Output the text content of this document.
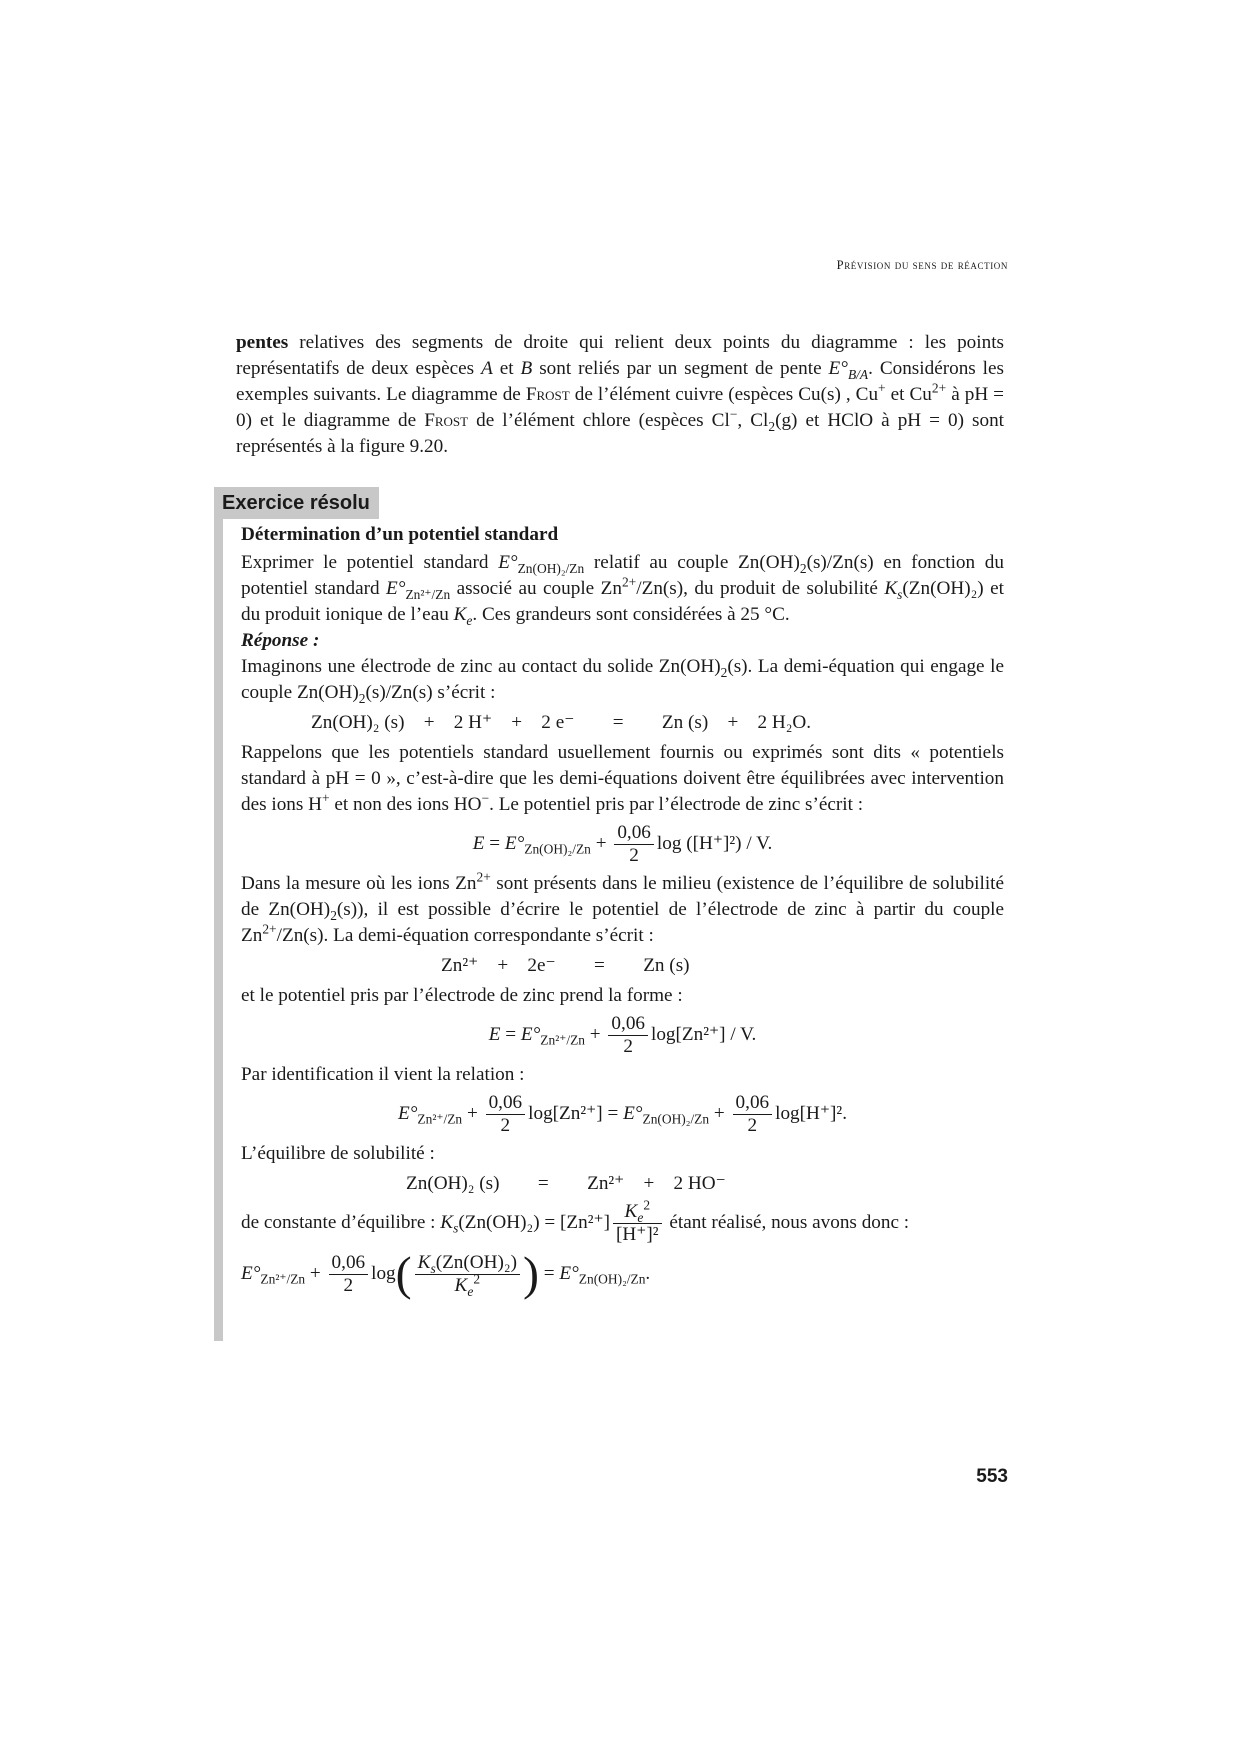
Prévision du sens de réaction

pentes relatives des segments de droite qui relient deux points du diagramme : les points représentatifs de deux espèces A et B sont reliés par un segment de pente $E^\circ_{B/A}$. Considérons les exemples suivants. Le diagramme de Frost de l’élément cuivre (espèces Cu(s) , Cu+ et $Cu^{2+}$ à pH = 0) et le diagramme de Frost de l’élément chlore (espèces Cl−, $Cl_2(g)$ et HClO à pH = 0) sont représentés à la figure 9.20.

Exercice résolu

Détermination d’un potentiel standard

Exprimer le potentiel standard $E^\circ_{Zn(OH)_2/Zn}$ relatif au couple $Zn(OH)_2(s)/Zn(s)$ en fonction du potentiel standard $E^\circ_{Zn^{2+}/Zn}$ associé au couple $Zn^{2+}/Zn(s)$, du produit de solubilité $K_s(Zn(OH)_2)$ et du produit ionique de l’eau $K_e$. Ces grandeurs sont considérées à 25 °C.

Réponse :

Imaginons une électrode de zinc au contact du solide $Zn(OH)_2(s)$. La demi-équation qui engage le couple $Zn(OH)_2(s)/Zn(s)$ s’écrit :

Zn(OH)₂ (s)    +    2 H⁺    +    2 e⁻        =        Zn (s)    +    2 H₂O.

Rappelons que les potentiels standard usuellement fournis ou exprimés sont dits « potentiels standard à pH = 0 », c’est-à-dire que les demi-équations doivent être équilibrées avec intervention des ions H+ et non des ions HO−. Le potentiel pris par l’électrode de zinc s’écrit :

$E = E^\circ_{Zn(OH)_2/Zn} + \frac{0,06}{2}$ log ([H⁺]²) / V.

Dans la mesure où les ions $Zn^{2+}$ sont présents dans le milieu (existence de l’équilibre de solubilité de $Zn(OH)_2(s)$), il est possible d’écrire le potentiel de l’électrode de zinc à partir du couple $Zn^{2+}/Zn(s)$. La demi-équation correspondante s’écrit :

Zn²⁺    +    2e⁻        =        Zn (s)

et le potentiel pris par l’électrode de zinc prend la forme :

$E = E^\circ_{Zn^{2+}/Zn} + \frac{0,06}{2} \log[Zn^{2+}] / V$.

Par identification il vient la relation :

$E^\circ_{Zn^{2+}/Zn} + \frac{0,06}{2} \log[Zn^{2+}] = E^\circ_{Zn(OH)_2/Zn} + \frac{0,06}{2} \log[H^+]^2$.

L’équilibre de solubilité :

Zn(OH)₂ (s)        =        Zn²⁺    +    2 HO⁻

de constante d’équilibre : $K_s(Zn(OH)_2) = [Zn^{2+}] \frac{K_e^2}{\text{[H⁺]²}}$ étant réalisé, nous avons donc :

$E^\circ_{Zn^{2+}/Zn} + \frac{0,06}{2} \log( \frac{K_s(Zn(OH)_2)}{K_e^2}$ ) = $E^\circ_{Zn(OH)_2/Zn}$.
553
